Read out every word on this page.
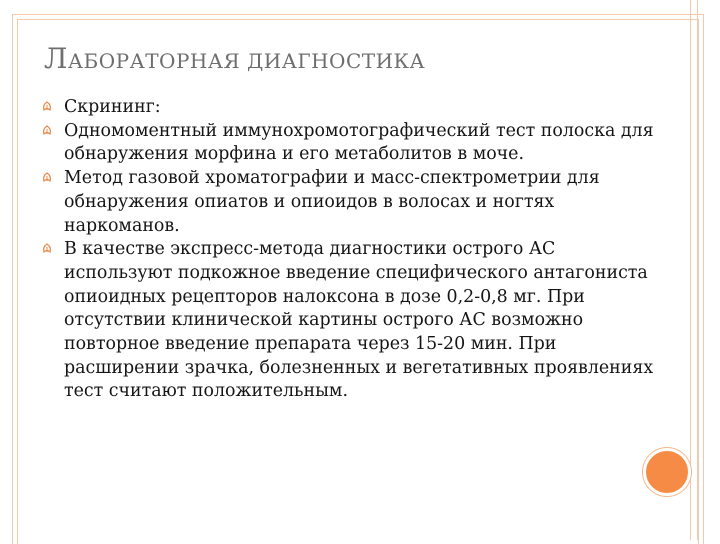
ЛАБОРАТОРНАЯ ДИАГНОСТИКА

Скрининг:

Одномоментный иммунохромотографический тест полоска для обнаружения морфина и его метаболитов в моче.

Метод газовой хроматографии и масс-спектрометрии для обнаружения опиатов и опиоидов в волосах и ногтях наркоманов.

В качестве экспресс-метода диагностики острого АС используют подкожное введение специфического антагониста опиоидных рецепторов налоксона в дозе 0,2-0,8 мг. При отсутствии клинической картины острого АС возможно повторное введение препарата через 15-20 мин. При расширении зрачка, болезненных и вегетативных проявлениях тест считают положительным.
